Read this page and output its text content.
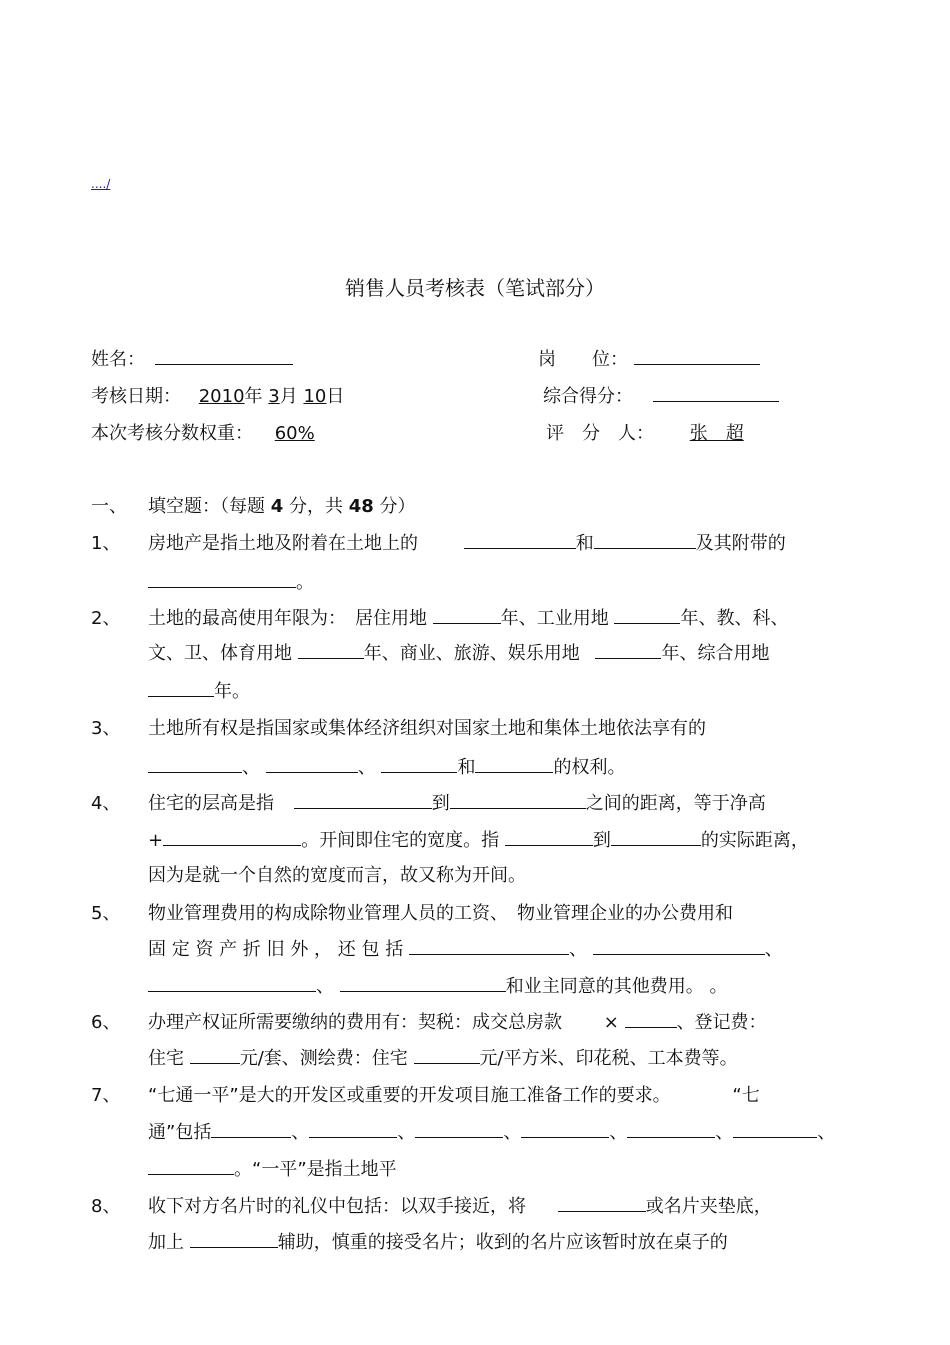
..../
销售人员考核表（笔试部分）
姓名：	岗　　位：
考核日期： 2010年 3月 10日	综合得分：
本次考核分数权重： 60%	评　分　人： 张　超
一、 填空题：（每题 4 分，共 48 分）
1、 房地产是指土地及附着在土地上的	和	及其附带的
。
2、 土地的最高使用年限为：　居住用地	年、工业用地	年、教、科、
文、卫、体育用地	年、商业、旅游、娱乐用地	年、综合用地
年。
3、 土地所有权是指国家或集体经济组织对国家土地和集体土地依法享有的
、	、	和	的权利。
4、 住宅的层高是指	到	之间的距离，等于净高
+	。开间即住宅的宽度。指	到	的实际距离，
因为是就一个自然的宽度而言，故又称为开间。
5、 物业管理费用的构成除物业管理人员的工资、　物业管理企业的办公费用和
固 定 资 产 折 旧 外 ， 还 包 括	、	、
、	和业主同意的其他费用。 。
6、 办理产权证所需要缴纳的费用有：契税：成交总房款 ×	、登记费：
住宅	元/套、测绘费：住宅	元/平方米、印花税、工本费等。
7、 “七通一平”是大的开发区或重要的开发项目施工准备工作的要求。	“七
通”包括	、	、	、	、	、	、
。“一平”是指土地平
8、 收下对方名片时的礼仪中包括：以双手接近，将	或名片夹垫底，
加上	辅助，慎重的接受名片；收到的名片应该暂时放在桌子的
